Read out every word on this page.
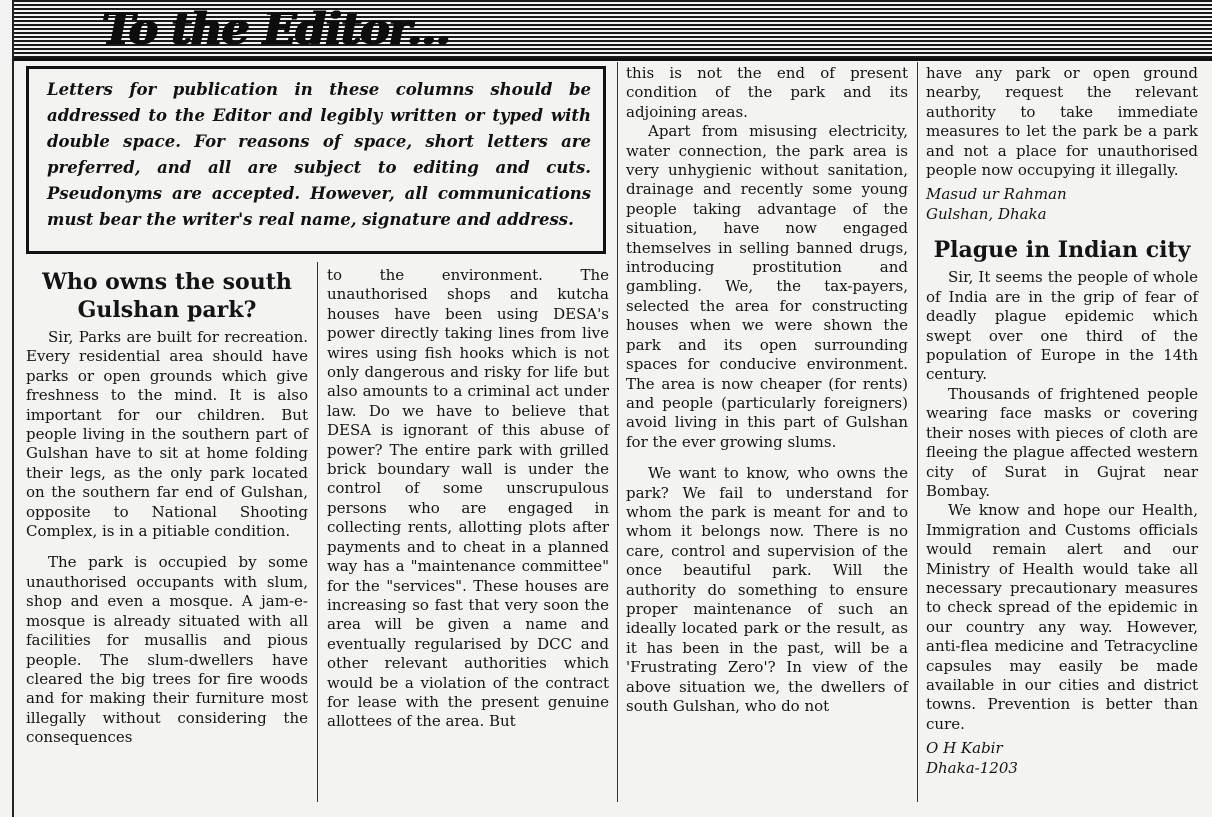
To the Editor...
Letters for publication in these columns should be addressed to the Editor and legibly written or typed with double space. For reasons of space, short letters are preferred, and all are subject to editing and cuts. Pseudonyms are accepted. However, all communications must bear the writer's real name, signature and address.
Who owns the south Gulshan park?

Sir, Parks are built for recreation. Every residential area should have parks or open grounds which give freshness to the mind. It is also important for our children. But people living in the southern part of Gulshan have to sit at home folding their legs, as the only park located on the southern far end of Gulshan, opposite to National Shooting Complex, is in a pitiable condition.

The park is occupied by some unauthorised occupants with slum, shop and even a mosque. A jam-e-mosque is already situated with all facilities for musallis and pious people. The slum-dwellers have cleared the big trees for fire woods and for making their furniture most illegally without considering the consequences

to the environment. The unauthorised shops and kutcha houses have been using DESA's power directly taking lines from live wires using fish hooks which is not only dangerous and risky for life but also amounts to a criminal act under law. Do we have to believe that DESA is ignorant of this abuse of power? The entire park with grilled brick boundary wall is under the control of some unscrupulous persons who are engaged in collecting rents, allotting plots after payments and to cheat in a planned way has a "maintenance committee" for the "services". These houses are increasing so fast that very soon the area will be given a name and eventually regularised by DCC and other relevant authorities which would be a violation of the contract for lease with the present genuine allottees of the area. But

this is not the end of present condition of the park and its adjoining areas.

Apart from misusing electricity, water connection, the park area is very unhygienic without sanitation, drainage and recently some young people taking advantage of the situation, have now engaged themselves in selling banned drugs, introducing prostitution and gambling. We, the tax-payers, selected the area for constructing houses when we were shown the park and its open surrounding spaces for conducive environment. The area is now cheaper (for rents) and people (particularly foreigners) avoid living in this part of Gulshan for the ever growing slums.

We want to know, who owns the park? We fail to understand for whom the park is meant for and to whom it belongs now. There is no care, control and supervision of the once beautiful park. Will the authority do something to ensure proper maintenance of such an ideally located park or the result, as it has been in the past, will be a 'Frustrating Zero'? In view of the above situation we, the dwellers of south Gulshan, who do not

have any park or open ground nearby, request the relevant authority to take immediate measures to let the park be a park and not a place for unauthorised people now occupying it illegally.

Masud ur Rahman

Gulshan, Dhaka

Plague in Indian city

Sir, It seems the people of whole of India are in the grip of fear of deadly plague epidemic which swept over one third of the population of Europe in the 14th century.

Thousands of frightened people wearing face masks or covering their noses with pieces of cloth are fleeing the plague affected western city of Surat in Gujrat near Bombay.

We know and hope our Health, Immigration and Customs officials would remain alert and our Ministry of Health would take all necessary precautionary measures to check spread of the epidemic in our country any way. However, anti-flea medicine and Tetracycline capsules may easily be made available in our cities and district towns. Prevention is better than cure.

O H Kabir

Dhaka-1203
